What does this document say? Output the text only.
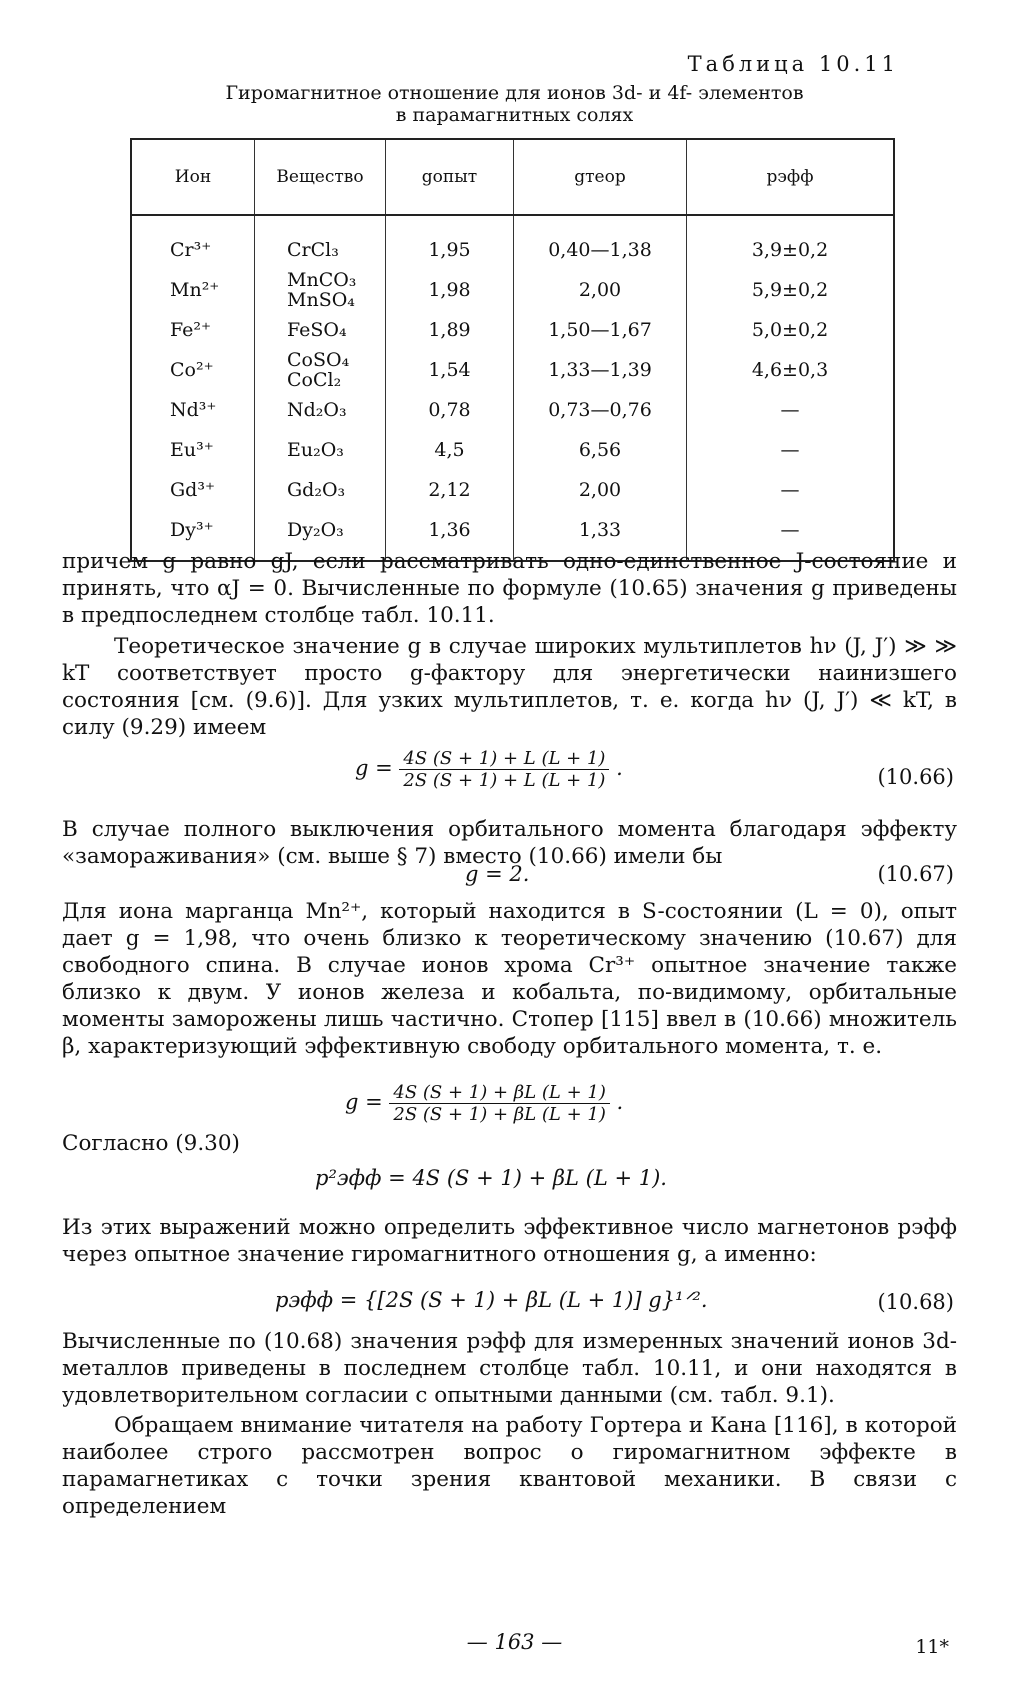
Таблица 10.11
Гиромагнитное отношение для ионов 3d- и 4f- элементов
в парамагнитных солях
Ион	Вещество	gопыт	gтеор	pэфф
Cr³⁺	CrCl₃	1,95	0,40—1,38	3,9±0,2
Mn²⁺	MnCO₃ MnSO₄	1,98	2,00	5,9±0,2
Fe²⁺	FeSO₄	1,89	1,50—1,67	5,0±0,2
Co²⁺	CoSO₄ CoCl₂	1,54	1,33—1,39	4,6±0,3
Nd³⁺	Nd₂O₃	0,78	0,73—0,76	—
Eu³⁺	Eu₂O₃	4,5	6,56	—
Gd³⁺	Gd₂O₃	2,12	2,00	—
Dy³⁺	Dy₂O₃	1,36	1,33	—

причем g равно gJ, если рассматривать одно-единственное J-состояние и принять, что αJ = 0. Вычисленные по формуле (10.65) значения g приведены в предпоследнем столбце табл. 10.11.

Теоретическое значение g в случае широких мультиплетов hν (J, J′) ≫ ≫ kT соответствует просто g-фактору для энергетически наинизшего состояния [см. (9.6)]. Для узких мультиплетов, т. е. когда hν (J, J′) ≪ kT, в силу (9.29) имеем

$g = \frac{4S (S + 1) + L (L + 1)}{2S (S + 1) + L (L + 1)}$ .	(10.66)

В случае полного выключения орбитального момента благодаря эффекту «замораживания» (см. выше § 7) вместо (10.66) имели бы

g = 2.	(10.67)

Для иона марганца Mn²⁺, который находится в S-состоянии (L = 0), опыт дает g = 1,98, что очень близко к теоретическому значению (10.67) для свободного спина. В случае ионов хрома Cr³⁺ опытное значение также близко к двум. У ионов железа и кобальта, по-видимому, орбитальные моменты заморожены лишь частично. Стопер [115] ввел в (10.66) множитель β, характеризующий эффективную свободу орбитального момента, т. е.

$g = \frac{4S (S + 1) + \beta L (L + 1)}{2S (S + 1) + \beta L (L + 1)}$ .

Согласно (9.30)

p²эфф = 4S (S + 1) + βL (L + 1).

Из этих выражений можно определить эффективное число магнетонов pэфф через опытное значение гиромагнитного отношения g, а именно:

pэфф = {[2S (S + 1) + βL (L + 1)] g}¹ᐟ².	(10.68)

Вычисленные по (10.68) значения pэфф для измеренных значений ионов 3d-металлов приведены в последнем столбце табл. 10.11, и они находятся в удовлетворительном согласии с опытными данными (см. табл. 9.1).

Обращаем внимание читателя на работу Гортера и Кана [116], в которой наиболее строго рассмотрен вопрос о гиромагнитном эффекте в парамагнетиках с точки зрения квантовой механики. В связи с определением

— 163 —	11*
